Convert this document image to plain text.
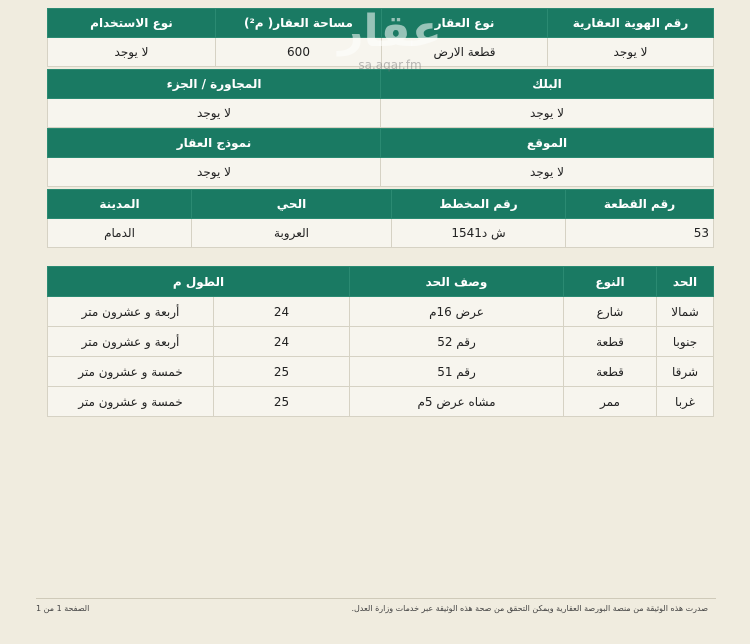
رقم الهوية العقارية	نوع العقار	مساحة العقار( م²)	نوع الاستخدام
لا يوجد	قطعة الارض	600	لا يوجد
البلك	المجاورة / الجزء
لا يوجد	لا يوجد
الموقع	نموذج العقار
لا يوجد	لا يوجد
رقم القطعة	رقم المخطط	الحي	المدينة
53	ش د1541	العروبة	الدمام
الحد	النوع	وصف الحد	الطول م	
شمالا	شارع	عرض 16م	24	أربعة و عشرون متر
جنوبا	قطعة	رقم 52	24	أربعة و عشرون متر
شرقا	قطعة	رقم 51	25	خمسة و عشرون متر
غربا	ممر	مشاه عرض 5م	25	خمسة و عشرون متر
عقار
sa.aqar.fm
صدرت هذه الوثيقة من منصة البورصة العقارية ويمكن التحقق من صحة هذه الوثيقة عبر خدمات وزارة العدل.
الصفحة 1 من 1
